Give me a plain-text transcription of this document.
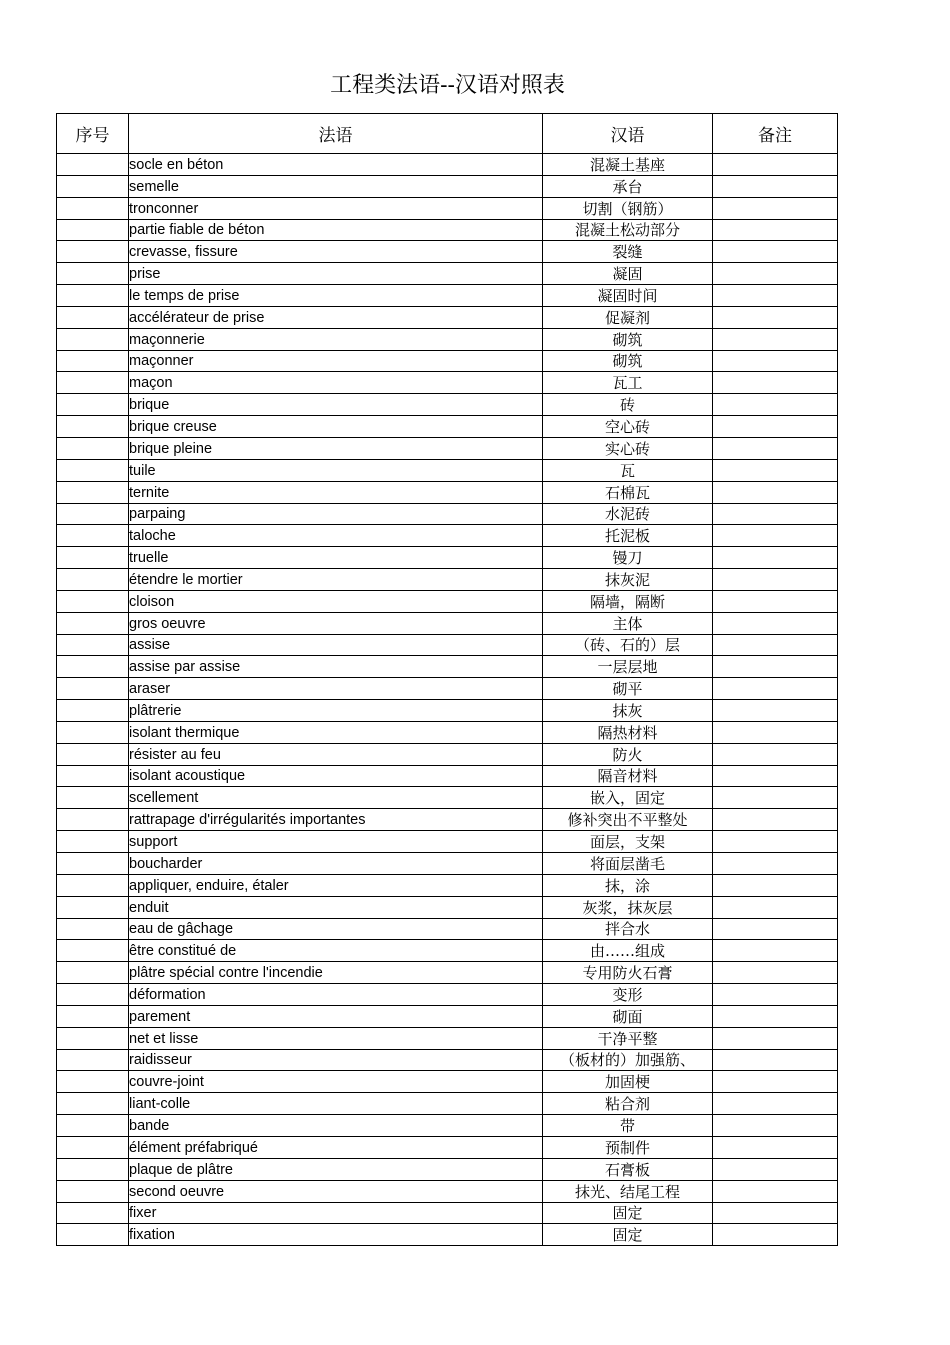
工程类法语--汉语对照表
序号	法语	汉语	备注
	socle en béton	混凝土基座	
	semelle	承台	
	tronconner	切割（钢筋）	
	partie fiable de béton	混凝土松动部分	
	crevasse, fissure	裂缝	
	prise	凝固	
	le temps de prise	凝固时间	
	accélérateur de prise	促凝剂	
	maçonnerie	砌筑	
	maçonner	砌筑	
	maçon	瓦工	
	brique	砖	
	brique creuse	空心砖	
	brique pleine	实心砖	
	tuile	瓦	
	ternite	石棉瓦	
	parpaing	水泥砖	
	taloche	托泥板	
	truelle	镘刀	
	étendre le mortier	抹灰泥	
	cloison	隔墙，隔断	
	gros oeuvre	主体	
	assise	（砖、石的）层	
	assise par assise	一层层地	
	araser	砌平	
	plâtrerie	抹灰	
	isolant thermique	隔热材料	
	résister au feu	防火	
	isolant acoustique	隔音材料	
	scellement	嵌入，固定	
	rattrapage d'irrégularités importantes	修补突出不平整处	
	support	面层，支架	
	boucharder	将面层凿毛	
	appliquer, enduire, étaler	抹，涂	
	enduit	灰浆，抹灰层	
	eau de gâchage	拌合水	
	être constitué de	由……组成	
	plâtre spécial contre l'incendie	专用防火石膏	
	déformation	变形	
	parement	砌面	
	net et lisse	干净平整	
	raidisseur	（板材的）加强筋、	
	couvre-joint	加固梗	
	liant-colle	粘合剂	
	bande	带	
	élément préfabriqué	预制件	
	plaque de plâtre	石膏板	
	second oeuvre	抹光、结尾工程	
	fixer	固定	
	fixation	固定	
